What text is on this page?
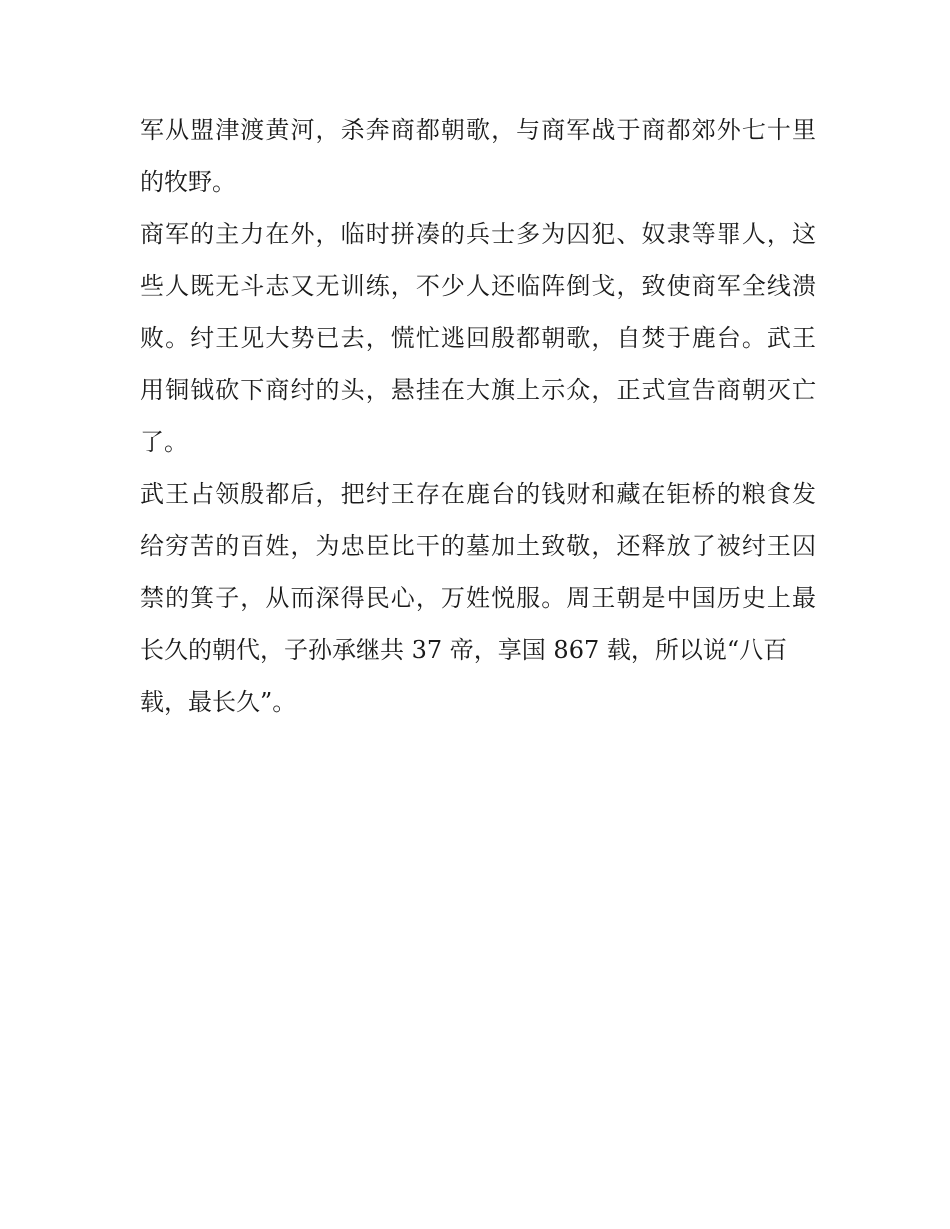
军从盟津渡黄河，杀奔商都朝歌，与商军战于商都郊外七十里

的牧野。

商军的主力在外，临时拼凑的兵士多为囚犯、奴隶等罪人，这

些人既无斗志又无训练，不少人还临阵倒戈，致使商军全线溃

败。纣王见大势已去，慌忙逃回殷都朝歌，自焚于鹿台。武王

用铜钺砍下商纣的头，悬挂在大旗上示众，正式宣告商朝灭亡

了。

武王占领殷都后，把纣王存在鹿台的钱财和藏在钜桥的粮食发

给穷苦的百姓，为忠臣比干的墓加土致敬，还释放了被纣王囚

禁的箕子，从而深得民心，万姓悦服。周王朝是中国历史上最

长久的朝代，子孙承继共 37 帝，享国 867 载，所以说“八百

载，最长久”。
